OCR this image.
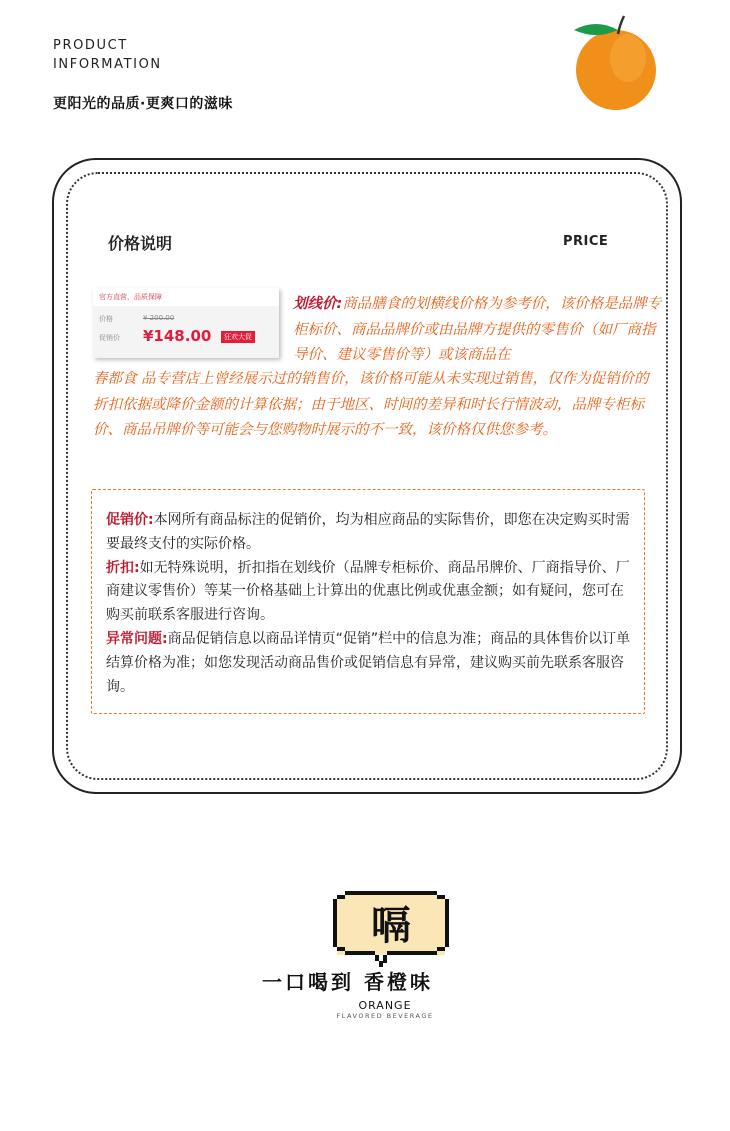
PRODUCT
INFORMATION
更阳光的品质·更爽口的滋味
价格说明	PRICE
官方直营，品质保障
价格	¥ 200.00
促销价 ¥148.00	狂欢大促
划线价:商品膳食的划横线价格为参考价，该价格是品牌专柜标价、商品品牌价或由品牌方提供的零售价（如厂商指导价、建议零售价等）或该商品在
春都食 品专营店上曾经展示过的销售价，该价格可能从未实现过销售，仅作为促销价的折扣依据或降价金额的计算依据；由于地区、时间的差异和时长行情波动，品牌专柜标价、商品吊牌价等可能会与您购物时展示的不一致，该价格仅供您参考。

促销价:本网所有商品标注的促销价，均为相应商品的实际售价，即您在决定购买时需要最终支付的实际价格。

折扣:如无特殊说明，折扣指在划线价（品牌专柜标价、商品吊牌价、厂商指导价、厂商建议零售价）等某一价格基础上计算出的优惠比例或优惠金额；如有疑问，您可在购买前联系客服进行咨询。

异常问题:商品促销信息以商品详情页“促销”栏中的信息为准；商品的具体售价以订单结算价格为准；如您发现活动商品售价或促销信息有异常，建议购买前先联系客服咨询。

嗝
一口喝到 香橙味
ORANGE
FLAVORED BEVERAGE
